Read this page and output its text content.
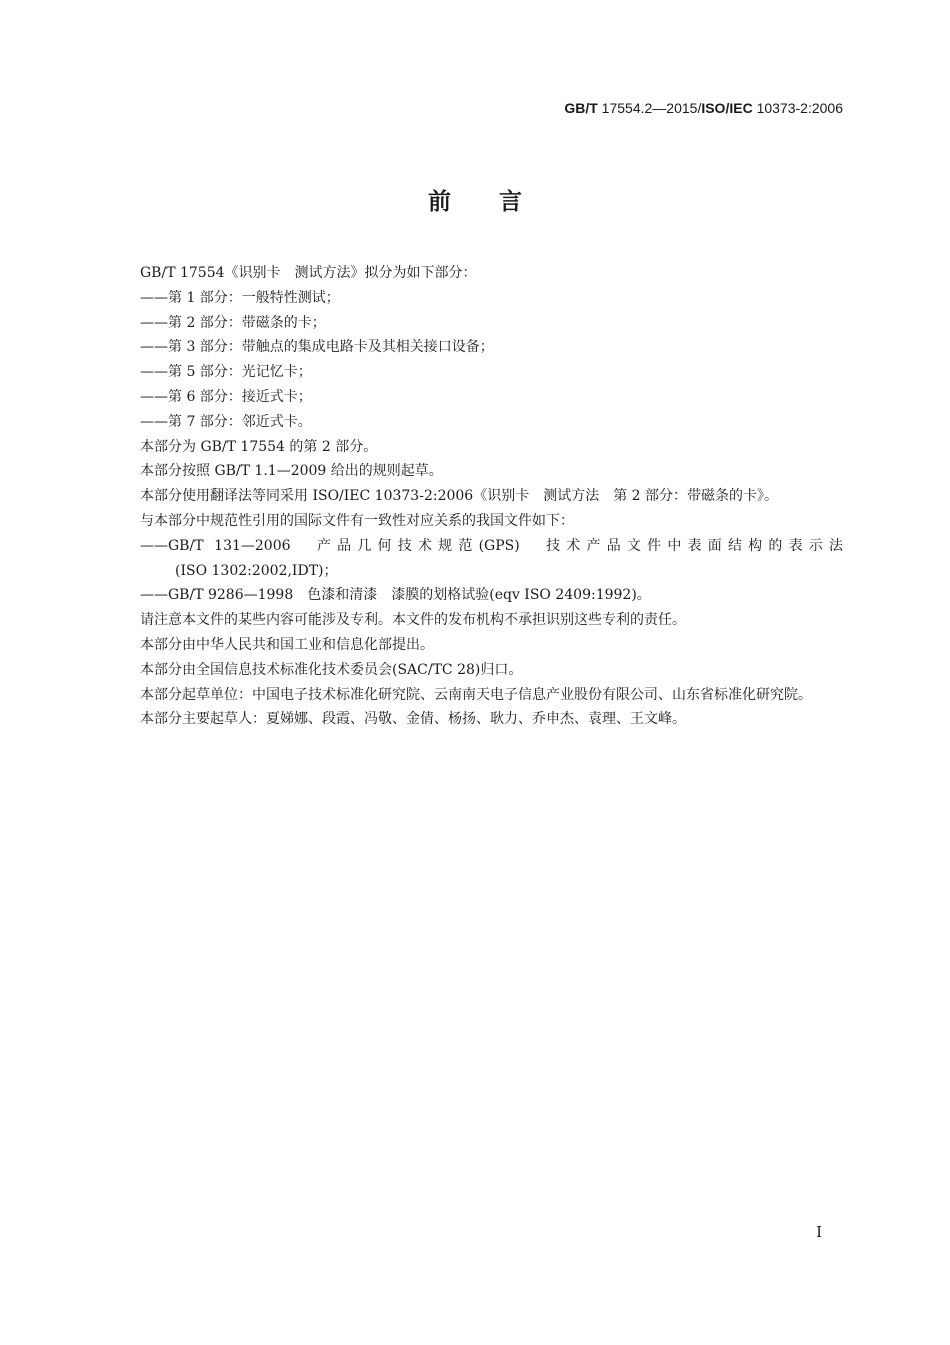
GB/T 17554.2—2015/ISO/IEC 10373-2:2006
前言

GB/T 17554《识别卡　测试方法》拟分为如下部分：

——第 1 部分：一般特性测试；

——第 2 部分：带磁条的卡；

——第 3 部分：带触点的集成电路卡及其相关接口设备；

——第 5 部分：光记忆卡；

——第 6 部分：接近式卡；

——第 7 部分：邻近式卡。

本部分为 GB/T 17554 的第 2 部分。

本部分按照 GB/T 1.1—2009 给出的规则起草。

本部分使用翻译法等同采用 ISO/IEC 10373-2:2006《识别卡　测试方法　第 2 部分：带磁条的卡》。

与本部分中规范性引用的国际文件有一致性对应关系的我国文件如下：

——GB/T 131—2006　产品几何技术规范(GPS)　技术产品文件中表面结构的表示法

(ISO 1302:2002,IDT)；

——GB/T 9286—1998　色漆和清漆　漆膜的划格试验(eqv ISO 2409:1992)。

请注意本文件的某些内容可能涉及专利。本文件的发布机构不承担识别这些专利的责任。

本部分由中华人民共和国工业和信息化部提出。

本部分由全国信息技术标准化技术委员会(SAC/TC 28)归口。

本部分起草单位：中国电子技术标准化研究院、云南南天电子信息产业股份有限公司、山东省标准化研究院。

本部分主要起草人：夏娣娜、段霞、冯敬、金倩、杨扬、耿力、乔申杰、袁理、王文峰。

I
